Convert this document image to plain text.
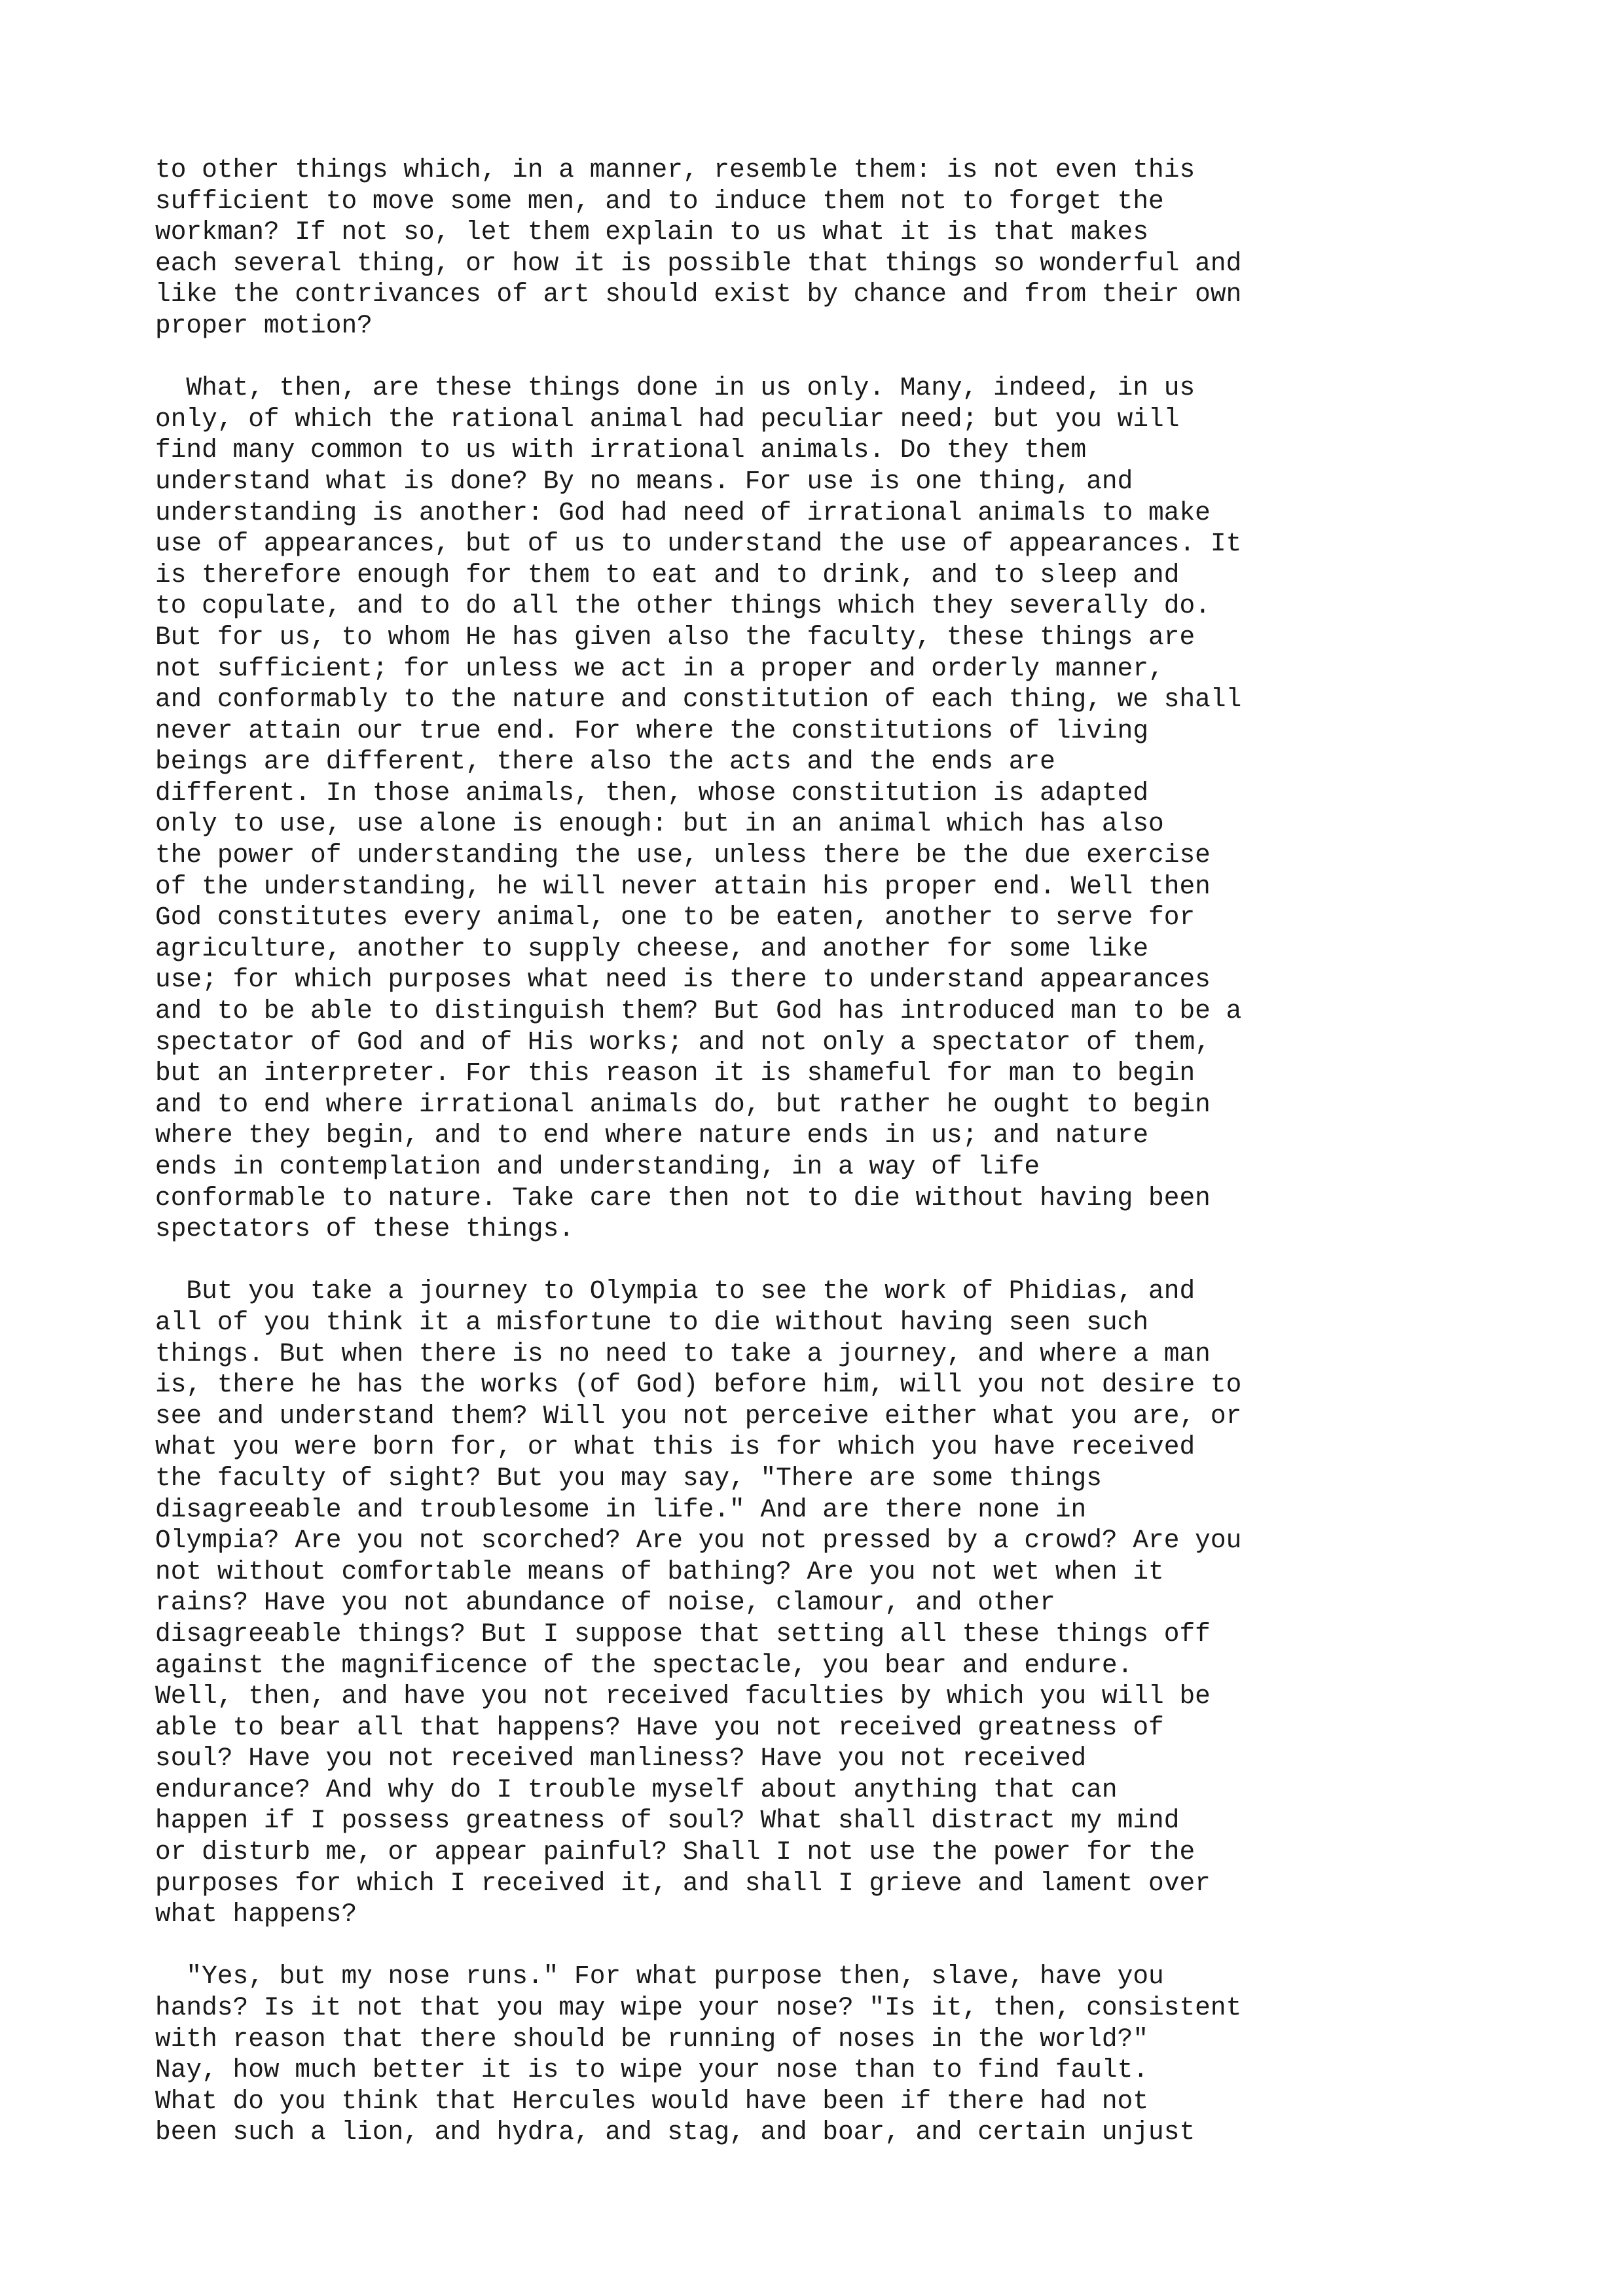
to other things which, in a manner, resemble them: is not even this
sufficient to move some men, and to induce them not to forget the
workman? If not so, let them explain to us what it is that makes
each several thing, or how it is possible that things so wonderful and
like the contrivances of art should exist by chance and from their own
proper motion?
What, then, are these things done in us only. Many, indeed, in us
only, of which the rational animal had peculiar need; but you will
find many common to us with irrational animals. Do they them
understand what is done? By no means. For use is one thing, and
understanding is another: God had need of irrational animals to make
use of appearances, but of us to understand the use of appearances. It
is therefore enough for them to eat and to drink, and to sleep and
to copulate, and to do all the other things which they severally do.
But for us, to whom He has given also the faculty, these things are
not sufficient; for unless we act in a proper and orderly manner,
and conformably to the nature and constitution of each thing, we shall
never attain our true end. For where the constitutions of living
beings are different, there also the acts and the ends are
different. In those animals, then, whose constitution is adapted
only to use, use alone is enough: but in an animal which has also
the power of understanding the use, unless there be the due exercise
of the understanding, he will never attain his proper end. Well then
God constitutes every animal, one to be eaten, another to serve for
agriculture, another to supply cheese, and another for some like
use; for which purposes what need is there to understand appearances
and to be able to distinguish them? But God has introduced man to be a
spectator of God and of His works; and not only a spectator of them,
but an interpreter. For this reason it is shameful for man to begin
and to end where irrational animals do, but rather he ought to begin
where they begin, and to end where nature ends in us; and nature
ends in contemplation and understanding, in a way of life
conformable to nature. Take care then not to die without having been
spectators of these things.
But you take a journey to Olympia to see the work of Phidias, and
all of you think it a misfortune to die without having seen such
things. But when there is no need to take a journey, and where a man
is, there he has the works (of God) before him, will you not desire to
see and understand them? Will you not perceive either what you are, or
what you were born for, or what this is for which you have received
the faculty of sight? But you may say, "There are some things
disagreeable and troublesome in life." And are there none in
Olympia? Are you not scorched? Are you not pressed by a crowd? Are you
not without comfortable means of bathing? Are you not wet when it
rains? Have you not abundance of noise, clamour, and other
disagreeable things? But I suppose that setting all these things off
against the magnificence of the spectacle, you bear and endure.
Well, then, and have you not received faculties by which you will be
able to bear all that happens? Have you not received greatness of
soul? Have you not received manliness? Have you not received
endurance? And why do I trouble myself about anything that can
happen if I possess greatness of soul? What shall distract my mind
or disturb me, or appear painful? Shall I not use the power for the
purposes for which I received it, and shall I grieve and lament over
what happens?
"Yes, but my nose runs." For what purpose then, slave, have you
hands? Is it not that you may wipe your nose? "Is it, then, consistent
with reason that there should be running of noses in the world?"
Nay, how much better it is to wipe your nose than to find fault.
What do you think that Hercules would have been if there had not
been such a lion, and hydra, and stag, and boar, and certain unjust
